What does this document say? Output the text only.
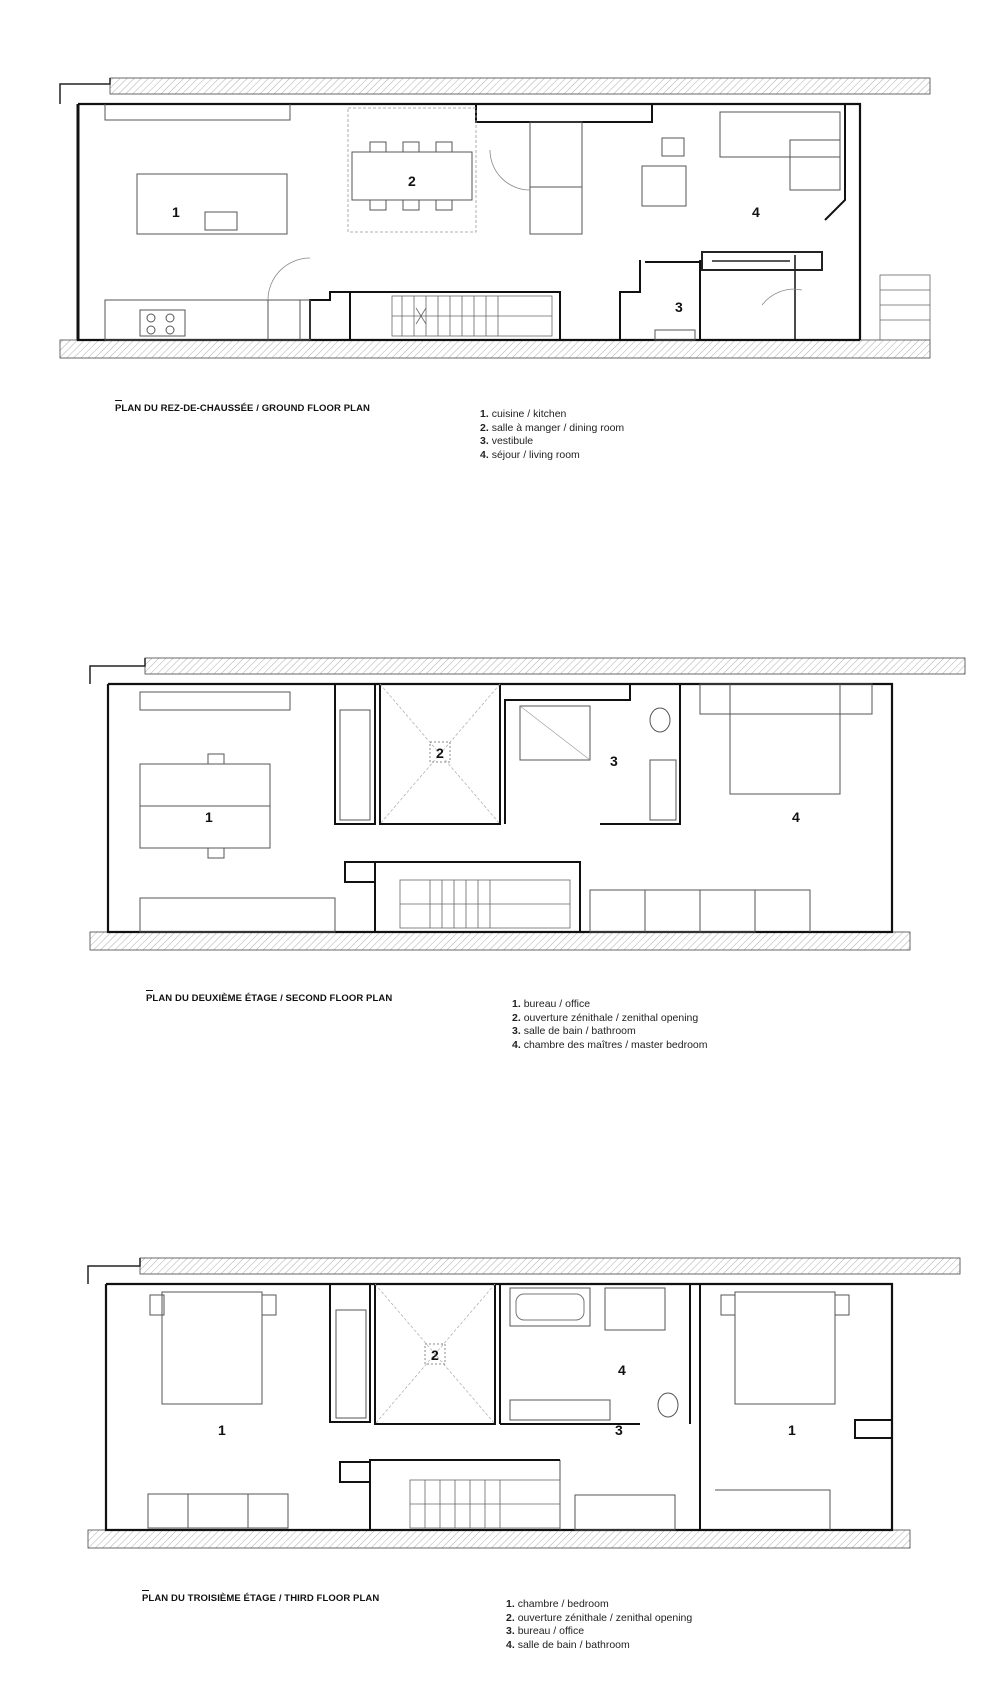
1
2
3
4
PLAN DU REZ-DE-CHAUSSÉE / GROUND FLOOR PLAN	1. cuisine / kitchen
2. salle à manger / dining room
3. vestibule
4. séjour / living room
1
2	3
4
PLAN DU DEUXIÈME ÉTAGE / SECOND FLOOR PLAN	1. bureau / office
2. ouverture zénithale / zenithal opening
3. salle de bain / bathroom
4. chambre des maîtres / master bedroom
1
2
3	1
4
PLAN DU TROISIÈME ÉTAGE / THIRD FLOOR PLAN	1. chambre / bedroom
2. ouverture zénithale / zenithal opening
3. bureau / office
4. salle de bain / bathroom
